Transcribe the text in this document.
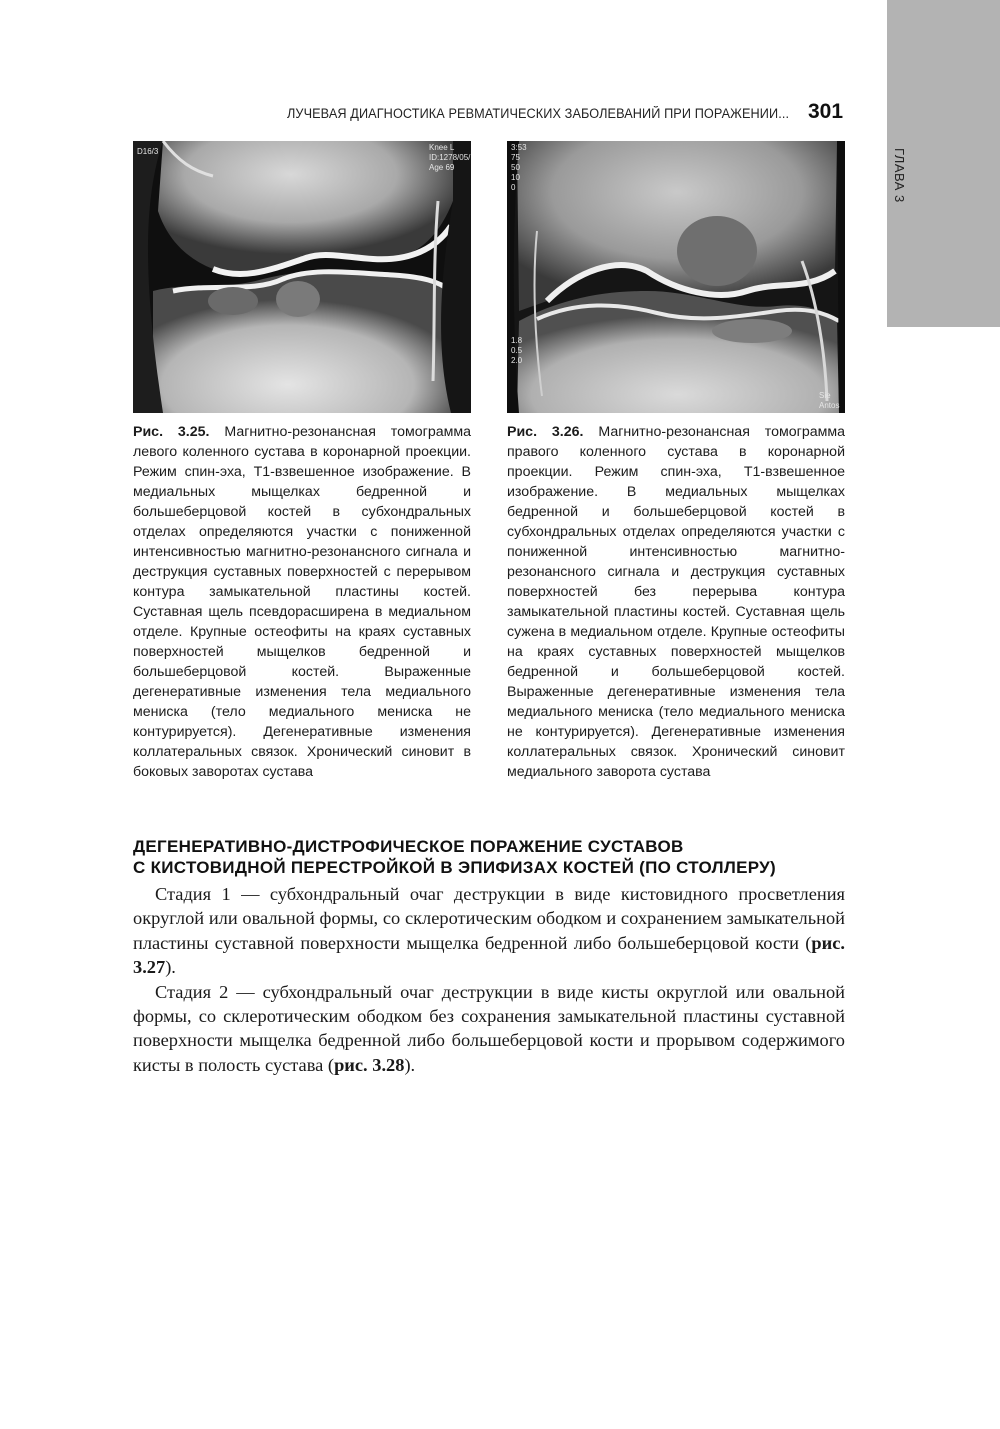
ГЛАВА 3
ЛУЧЕВАЯ ДИАГНОСТИКА РЕВМАТИЧЕСКИХ ЗАБОЛЕВАНИЙ ПРИ ПОРАЖЕНИИ... 301
D16/3	Knee L
ID:1278/05/
Age 69
3:53
75
50
10
0
1.8
0.5
2.0
Sie
Antos
Рис. 3.25. Магнитно-резонансная томограмма левого коленного сустава в коронарной проекции. Режим спин-эха, Т1-взвешенное изображение. В медиальных мыщелках бедренной и большеберцовой костей в субхондральных отделах определяются участки с пониженной интенсивностью магнитно-резонансного сигнала и деструкция суставных поверхностей с перерывом контура замыкательной пластины костей. Суставная щель псевдорасширена в медиальном отделе. Крупные остеофиты на краях суставных поверхностей мыщелков бедренной и большеберцовой костей. Выраженные дегенеративные изменения тела медиального мениска (тело медиального мениска не контурируется). Дегенеративные изменения коллатеральных связок. Хронический синовит в боковых заворотах сустава
Рис. 3.26. Магнитно-резонансная томограмма правого коленного сустава в коронарной проекции. Режим спин-эха, Т1-взвешенное изображение. В медиальных мыщелках бедренной и большеберцовой костей в субхондральных отделах определяются участки с пониженной интенсивностью магнитно-резонансного сигнала и деструкция суставных поверхностей без перерыва контура замыкательной пластины костей. Суставная щель сужена в медиальном отделе. Крупные остеофиты на краях суставных поверхностей мыщелков бедренной и большеберцовой костей. Выраженные дегенеративные изменения тела медиального мениска (тело медиального мениска не контурируется). Дегенеративные изменения коллатеральных связок. Хронический синовит медиального заворота сустава
ДЕГЕНЕРАТИВНО-ДИСТРОФИЧЕСКОЕ ПОРАЖЕНИЕ СУСТАВОВ
С КИСТОВИДНОЙ ПЕРЕСТРОЙКОЙ В ЭПИФИЗАХ КОСТЕЙ (ПО СТОЛЛЕРУ)

Стадия 1 — субхондральный очаг деструкции в виде кистовидного просветления округлой или овальной формы, со склеротическим ободком и сохранением замыкательной пластины суставной поверхности мыщелка бедренной либо большеберцовой кости (рис. 3.27).

Стадия 2 — субхондральный очаг деструкции в виде кисты округлой или овальной формы, со склеротическим ободком без сохранения замыкательной пластины суставной поверхности мыщелка бедренной либо большеберцовой кости и прорывом содержимого кисты в полость сустава (рис. 3.28).
